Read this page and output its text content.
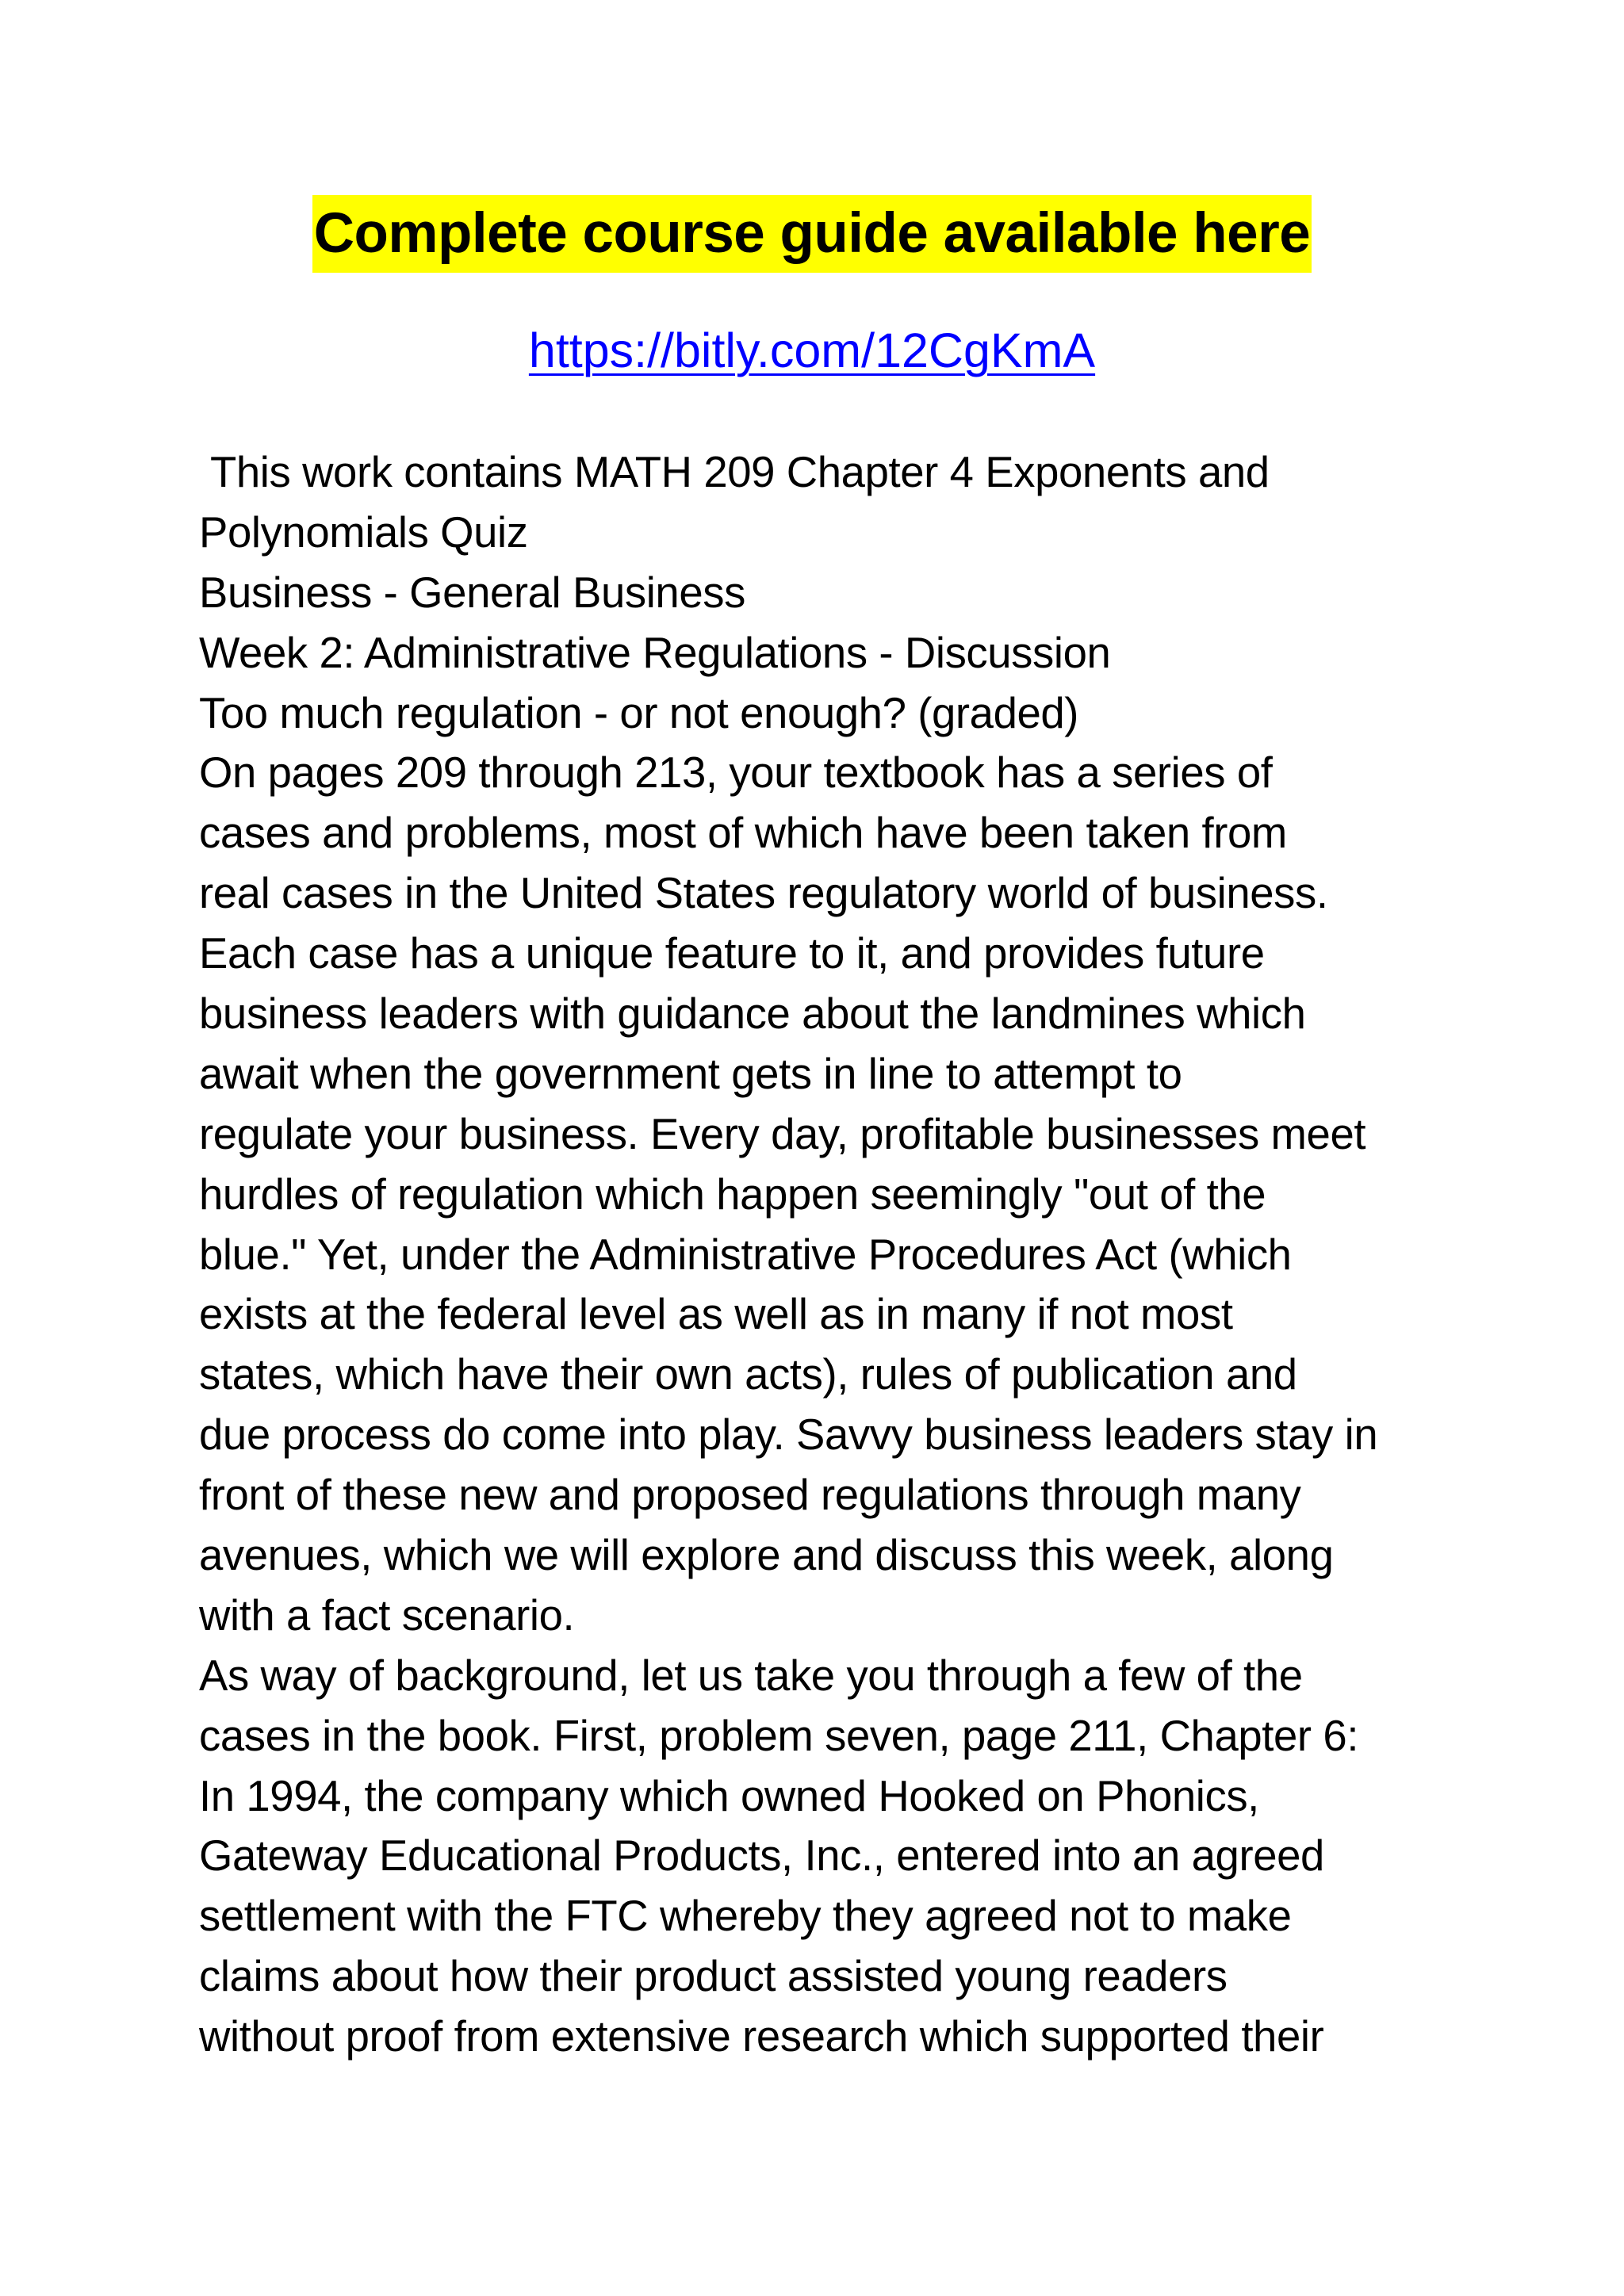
Complete course guide available here
https://bitly.com/12CgKmA
This work contains MATH 209 Chapter 4 Exponents and
Polynomials Quiz
Business - General Business
Week 2: Administrative Regulations - Discussion
Too much regulation - or not enough? (graded)
On pages 209 through 213, your textbook has a series of
cases and problems, most of which have been taken from
real cases in the United States regulatory world of business.
Each case has a unique feature to it, and provides future
business leaders with guidance about the landmines which
await when the government gets in line to attempt to
regulate your business. Every day, profitable businesses meet
hurdles of regulation which happen seemingly "out of the
blue." Yet, under the Administrative Procedures Act (which
exists at the federal level as well as in many if not most
states, which have their own acts), rules of publication and
due process do come into play. Savvy business leaders stay in
front of these new and proposed regulations through many
avenues, which we will explore and discuss this week, along
with a fact scenario.
As way of background, let us take you through a few of the
cases in the book. First, problem seven, page 211, Chapter 6:
In 1994, the company which owned Hooked on Phonics,
Gateway Educational Products, Inc., entered into an agreed
settlement with the FTC whereby they agreed not to make
claims about how their product assisted young readers
without proof from extensive research which supported their
